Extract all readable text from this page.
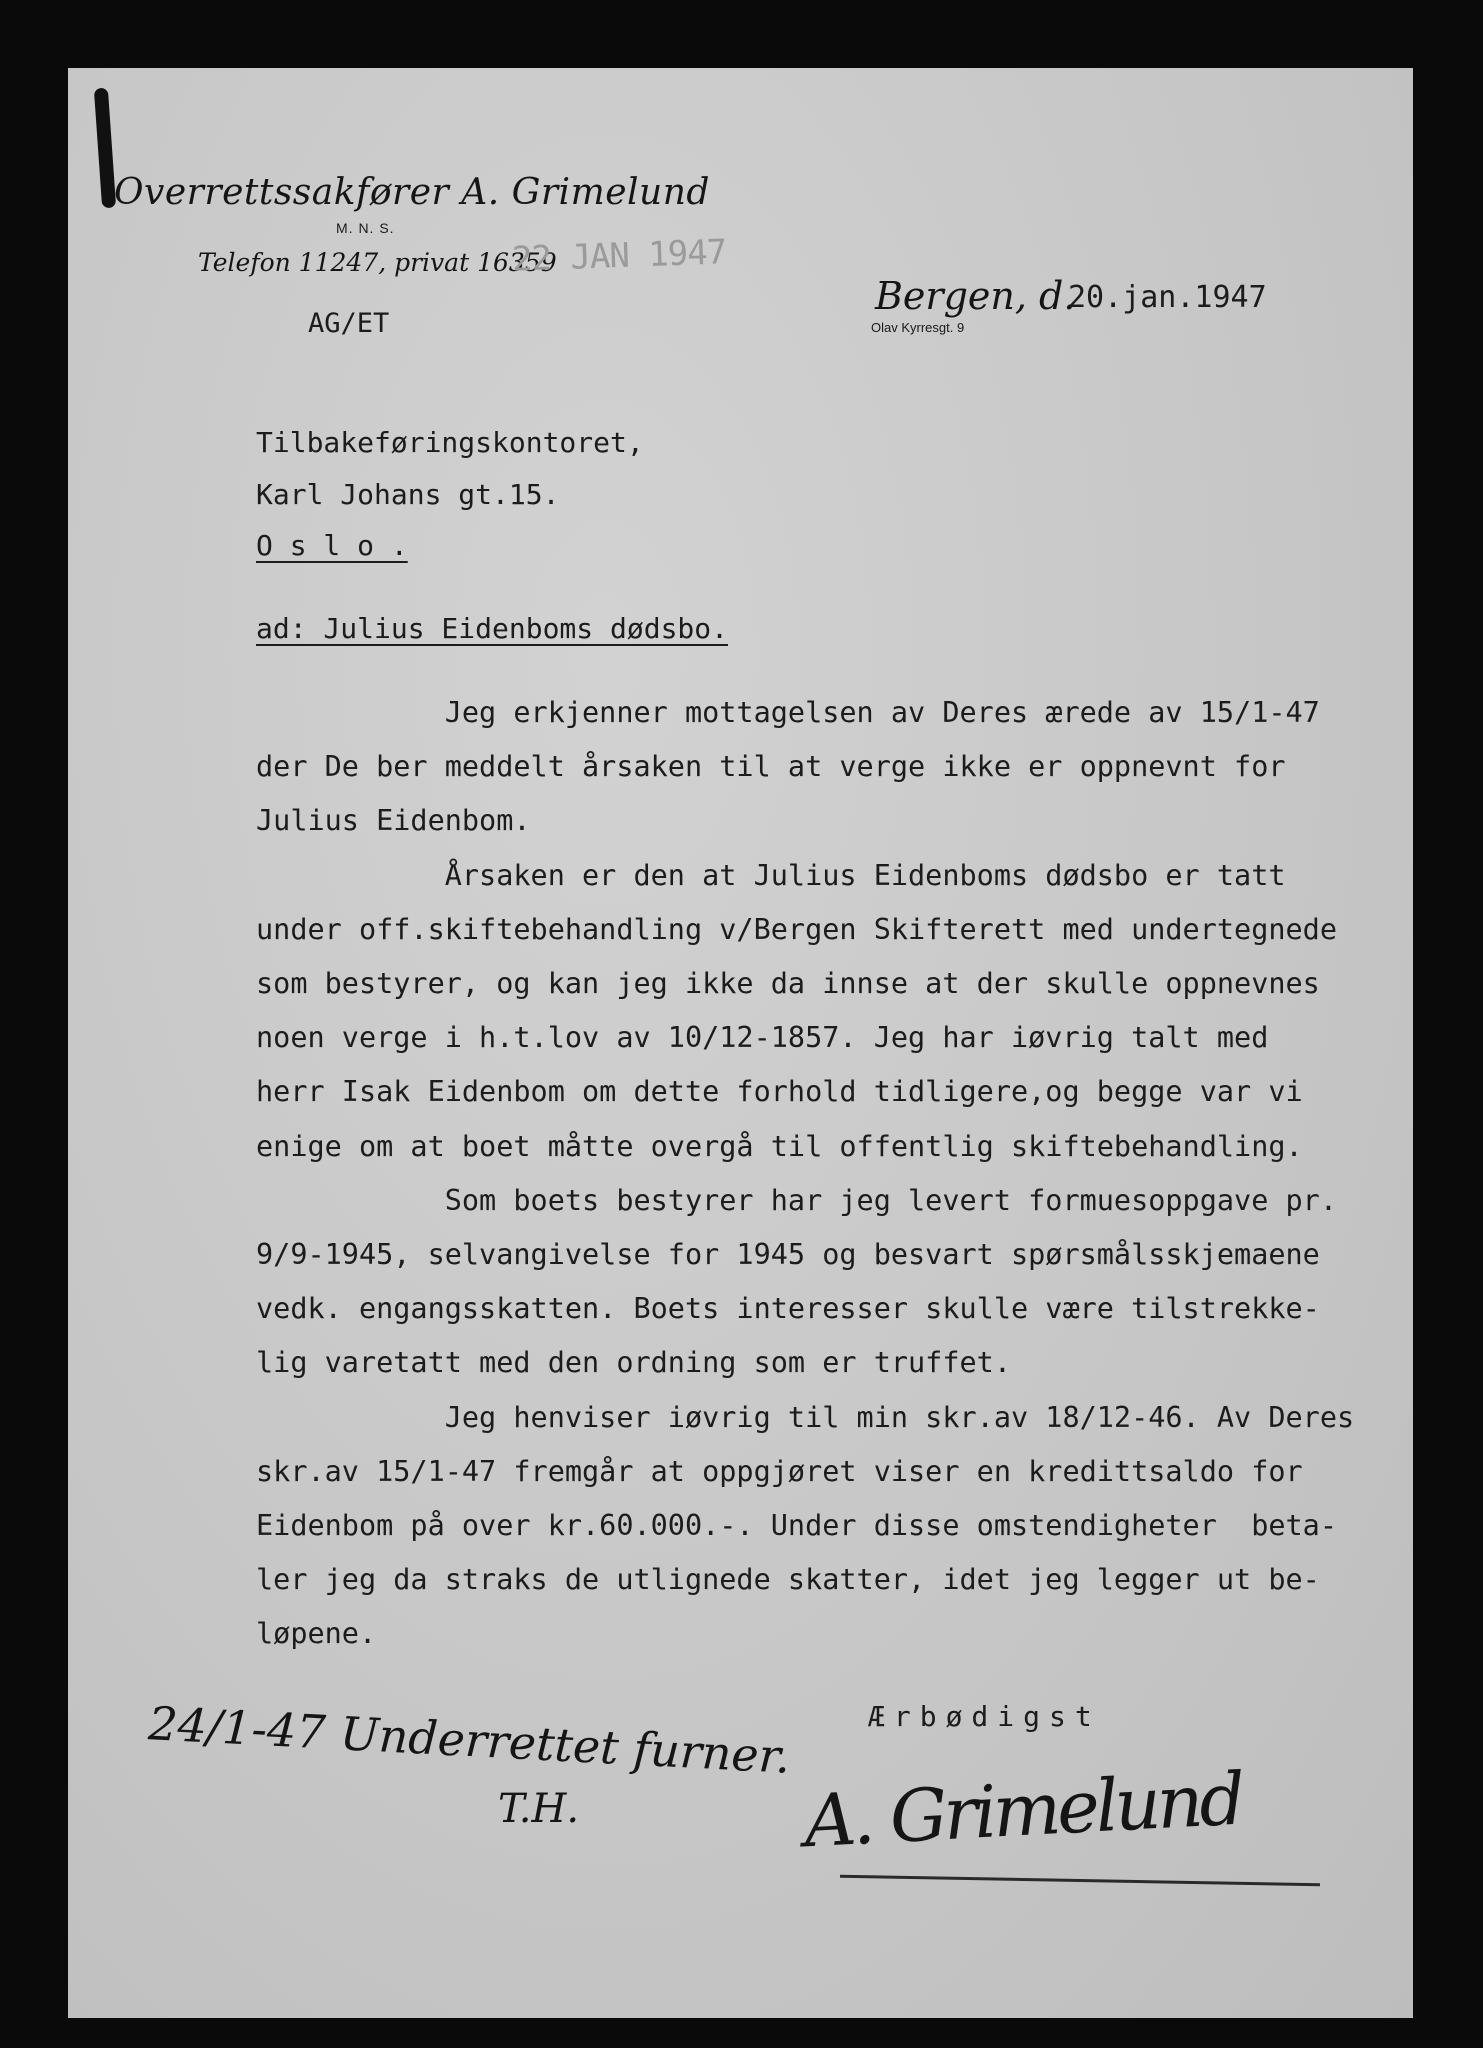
Overrettssakfører A. Grimelund
M. N. S.
Telefon 11247, privat 16359
22 JAN 1947
AG/ET
Bergen, d.
20.jan.1947
Olav Kyrresgt. 9
Tilbakeføringskontoret,
Karl Johans gt.15.
O s l o .
ad: Julius Eidenboms dødsbo.

Jeg erkjenner mottagelsen av Deres ærede av 15/1-47

der De ber meddelt årsaken til at verge ikke er oppnevnt for

Julius Eidenbom.

Årsaken er den at Julius Eidenboms dødsbo er tatt

under off.skiftebehandling v/Bergen Skifterett med undertegnede

som bestyrer, og kan jeg ikke da innse at der skulle oppnevnes

noen verge i h.t.lov av 10/12-1857. Jeg har iøvrig talt med

herr Isak Eidenbom om dette forhold tidligere,og begge var vi

enige om at boet måtte overgå til offentlig skiftebehandling.

Som boets bestyrer har jeg levert formuesoppgave pr.

9/9-1945, selvangivelse for 1945 og besvart spørsmålsskjemaene

vedk. engangsskatten. Boets interesser skulle være tilstrekke-

lig varetatt med den ordning som er truffet.

Jeg henviser iøvrig til min skr.av 18/12-46. Av Deres

skr.av 15/1-47 fremgår at oppgjøret viser en kredittsaldo for

Eidenbom på over kr.60.000.-. Under disse omstendigheter  beta-

ler jeg da straks de utlignede skatter, idet jeg legger ut be-

løpene.

Ærbødigst
A. Grimelund
24/1-47 Underrettet furner.
T.H.
